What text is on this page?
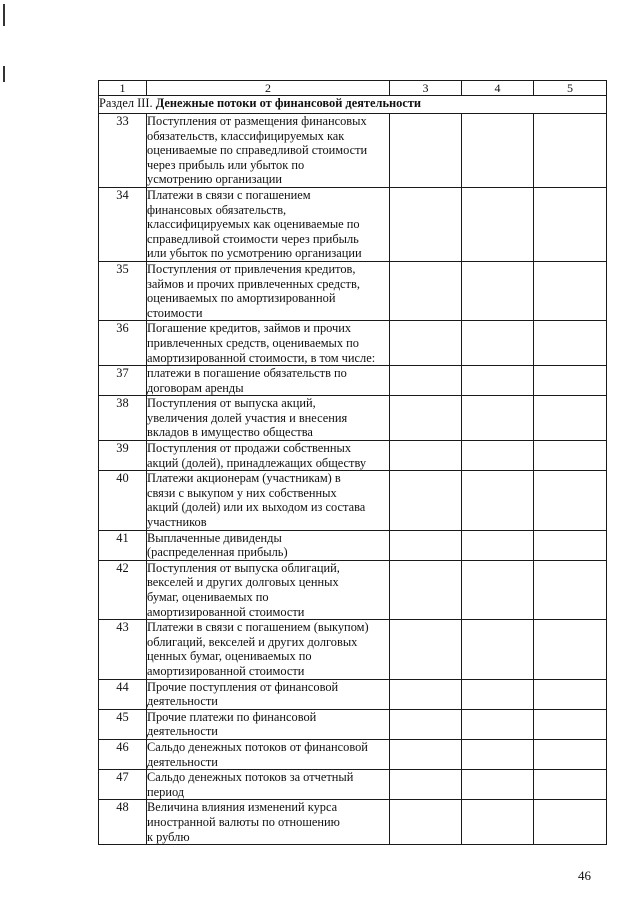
1	2	3	4	5
Раздел III. Денежные потоки от финансовой деятельности				
33	Поступления от размещения финансовых
обязательств, классифицируемых как
оцениваемые по справедливой стоимости
через прибыль или убыток по
усмотрению организации			

34	Платежи в связи с погашением
финансовых обязательств,
классифицируемых как оцениваемые по
справедливой стоимости через прибыль
или убыток по усмотрению организации			

35	Поступления от привлечения кредитов,
займов и прочих привлеченных средств,
оцениваемых по амортизированной
стоимости			

36	Погашение кредитов, займов и прочих
привлеченных средств, оцениваемых по
амортизированной стоимости, в том числе:			

37	платежи в погашение обязательств по
договорам аренды			

38	Поступления от выпуска акций,
увеличения долей участия и внесения
вкладов в имущество общества			

39	Поступления от продажи собственных
акций (долей), принадлежащих обществу			

40	Платежи акционерам (участникам) в
связи с выкупом у них собственных
акций (долей) или их выходом из состава
участников			

41	Выплаченные дивиденды
(распределенная прибыль)			

42	Поступления от выпуска облигаций,
векселей и других долговых ценных
бумаг, оцениваемых по
амортизированной стоимости			

43	Платежи в связи с погашением (выкупом)
облигаций, векселей и других долговых
ценных бумаг, оцениваемых по
амортизированной стоимости			

44	Прочие поступления от финансовой
деятельности			

45	Прочие платежи по финансовой
деятельности			

46	Сальдо денежных потоков от финансовой
деятельности			

47	Сальдо денежных потоков за отчетный
период			

48	Величина влияния изменений курса
иностранной валюты по отношению
к рублю			

46
